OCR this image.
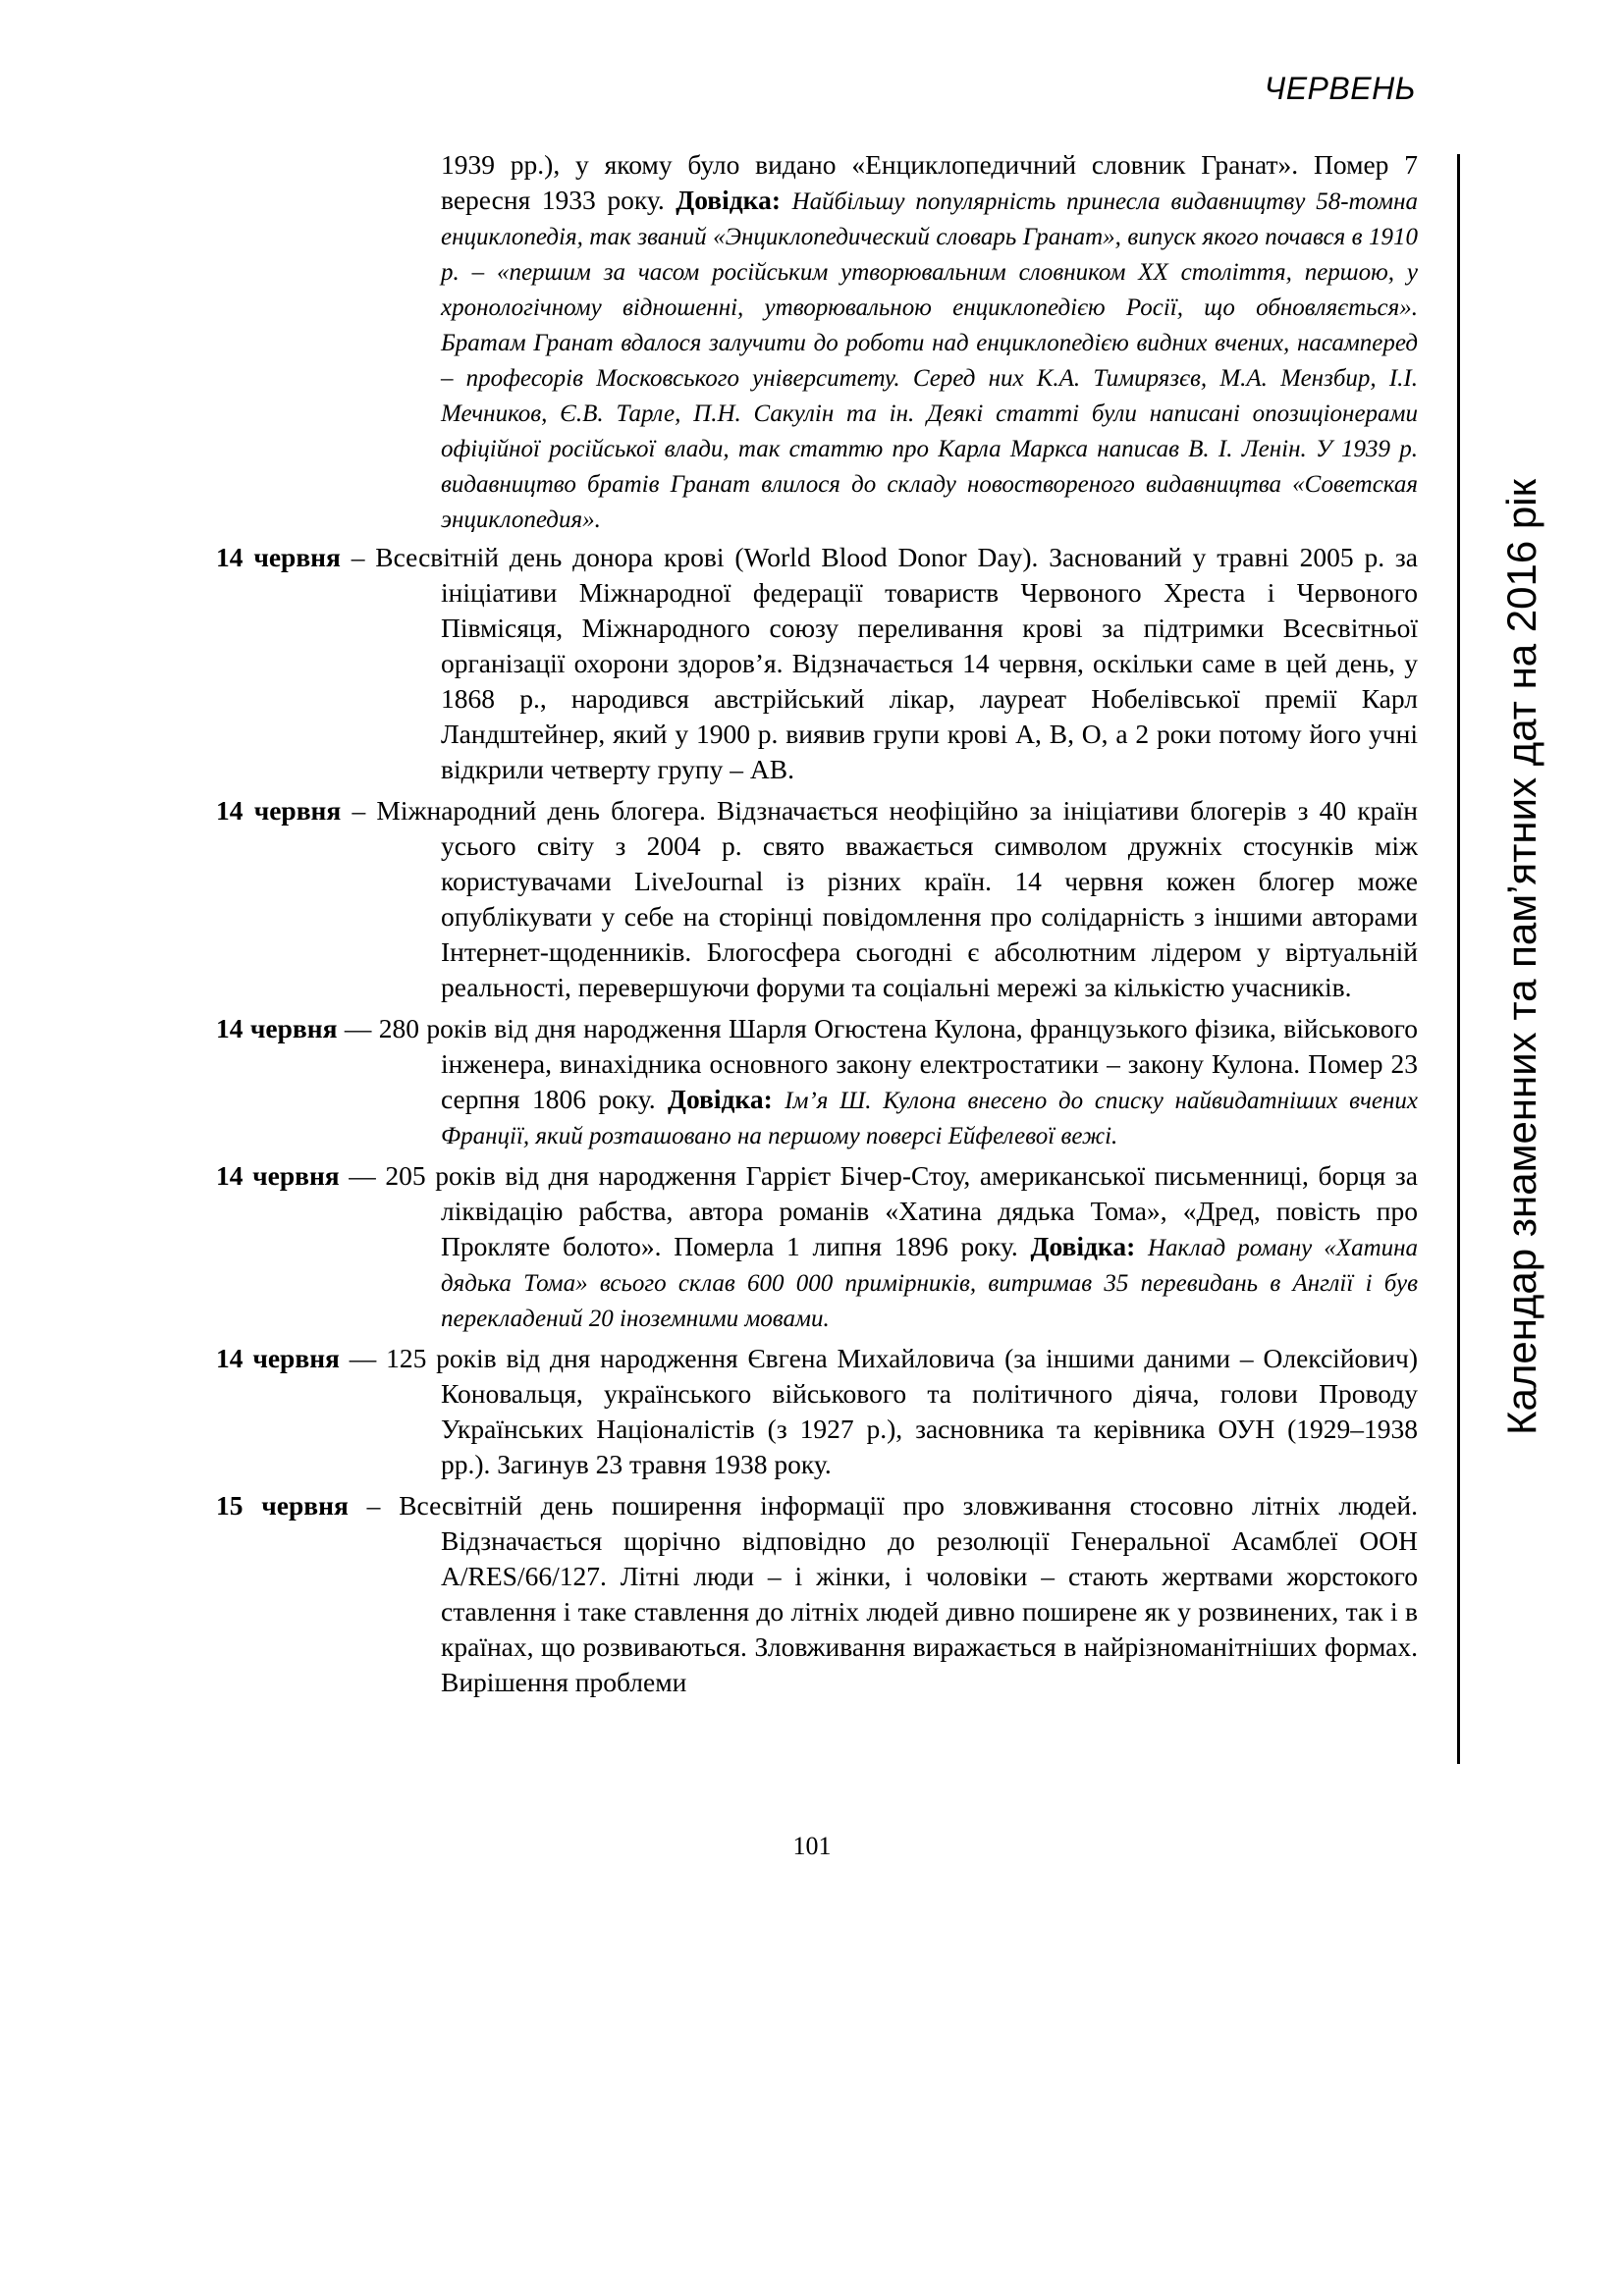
ЧЕРВЕНЬ
Календар знаменних та пам’ятних дат на 2016 рік

1939 рр.), у якому було видано «Енциклопедичний словник Гранат». Помер 7 вересня 1933 року. Довідка: Найбільшу популярність принесла видавництву 58-томна енциклопедія, так званий «Энциклопедический словарь Гранат», випуск якого почався в 1910 р. – «першим за часом російським утворювальним словником XX століття, першою, у хронологічному відношенні, утворювальною енциклопедією Росії, що обновляється». Братам Гранат вдалося залучити до роботи над енциклопедією видних вчених, насамперед – професорів Московського університету. Серед них К.А. Тимирязєв, М.А. Мензбир, І.І. Мечников, Є.В. Тарле, П.Н. Сакулін та ін. Деякі статті були написані опозиціонерами офіційної російської влади, так статтю про Карла Маркса написав В. І. Ленін. У 1939 р. видавництво братів Гранат влилося до складу новоствореного видавництва «Советская энциклопедия».

14 червня – Всесвітній день донора крові (World Blood Donor Day). Заснований у травні 2005 р. за ініціативи Міжнародної федерації товариств Червоного Хреста і Червоного Півмісяця, Міжнародного союзу переливання крові за підтримки Всесвітньої організації охорони здоров’я. Відзначається 14 червня, оскільки саме в цей день, у 1868 р., народився австрійський лікар, лауреат Нобелівської премії Карл Ландштейнер, який у 1900 р. виявив групи крові А, В, О, а 2 роки потому його учні відкрили четверту групу – АВ.

14 червня – Міжнародний день блогера. Відзначається неофіційно за ініціативи блогерів з 40 країн усього світу з 2004 р. свято вважається символом дружніх стосунків між користувачами LiveJournal із різних країн. 14 червня кожен блогер може опублікувати у себе на сторінці повідомлення про солідарність з іншими авторами Інтернет-щоденників. Блогосфера сьогодні є абсолютним лідером у віртуальній реальності, перевершуючи форуми та соціальні мережі за кількістю учасників.

14 червня — 280 років від дня народження Шарля Огюстена Кулона, французького фізика, військового інженера, винахідника основного закону електростатики – закону Кулона. Помер 23 серпня 1806 року. Довідка: Ім’я Ш. Кулона внесено до списку найвидатніших вчених Франції, який розташовано на першому поверсі Ейфелевої вежі.

14 червня — 205 років від дня народження Гаррієт Бічер-Стоу, американської письменниці, борця за ліквідацію рабства, автора романів «Хатина дядька Тома», «Дред, повість про Прокляте болото». Померла 1 липня 1896 року. Довідка: Наклад роману «Хатина дядька Тома» всього склав 600 000 примірників, витримав 35 перевидань в Англії і був перекладений 20 іноземними мовами.

14 червня — 125 років від дня народження Євгена Михайловича (за іншими даними – Олексійович) Коновальця, українського військового та політичного діяча, голови Проводу Українських Націоналістів (з 1927 р.), засновника та керівника ОУН (1929–1938 рр.). Загинув 23 травня 1938 року.

15 червня – Всесвітній день поширення інформації про зловживання стосовно літніх людей. Відзначається щорічно відповідно до резолюції Генеральної Асамблеї ООН A/RES/66/127. Літні люди – і жінки, і чоловіки – стають жертвами жорстокого ставлення і таке ставлення до літніх людей дивно поширене як у розвинених, так і в країнах, що розвиваються. Зловживання виражається в найрізноманітніших формах. Вирішення проблеми

101
